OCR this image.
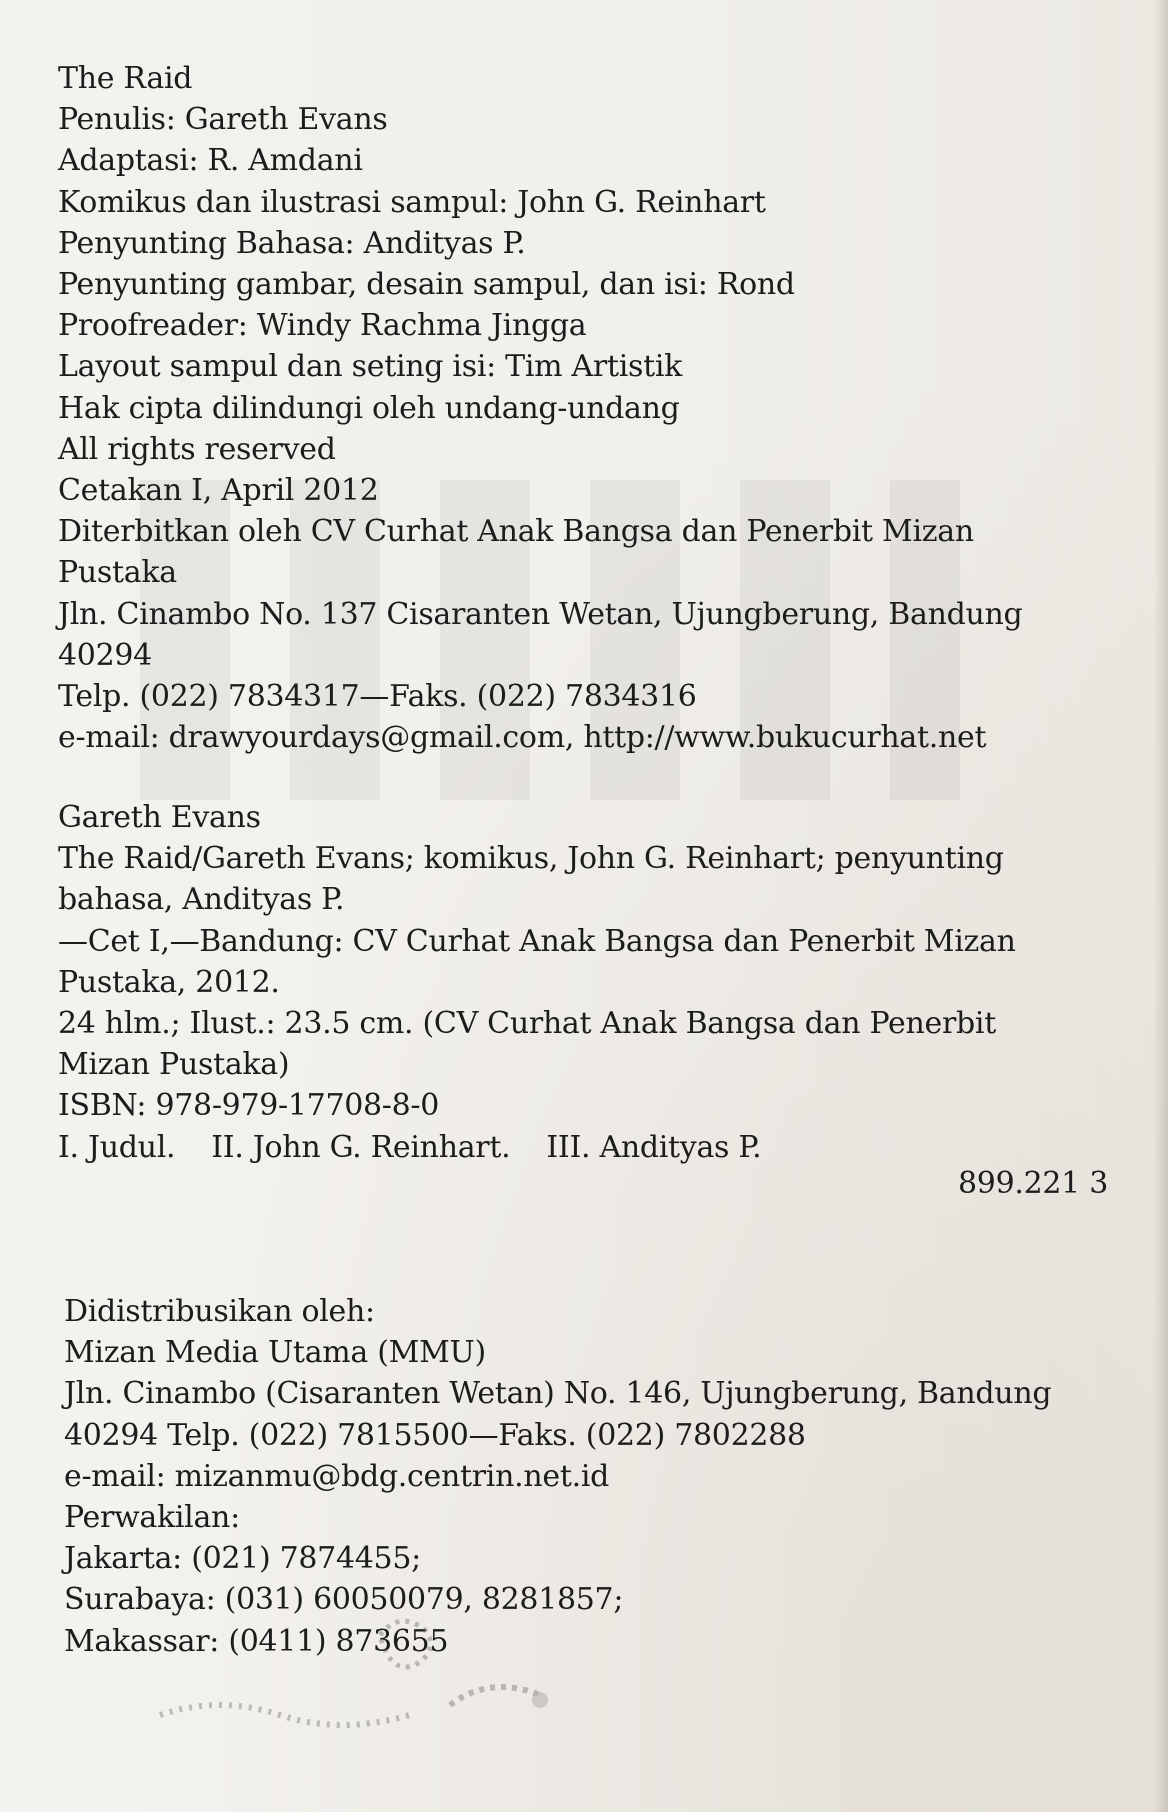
The Raid
Penulis: Gareth Evans
Adaptasi: R. Amdani
Komikus dan ilustrasi sampul: John G. Reinhart
Penyunting Bahasa: Andityas P.
Penyunting gambar, desain sampul, dan isi: Rond
Proofreader: Windy Rachma Jingga
Layout sampul dan seting isi: Tim Artistik
Hak cipta dilindungi oleh undang-undang
All rights reserved
Cetakan I, April 2012
Diterbitkan oleh CV Curhat Anak Bangsa dan Penerbit Mizan
Pustaka
Jln. Cinambo No. 137 Cisaranten Wetan, Ujungberung, Bandung
40294
Telp. (022) 7834317—Faks. (022) 7834316
e-mail: drawyourdays@gmail.com, http://www.bukucurhat.net
Gareth Evans
The Raid/Gareth Evans; komikus, John G. Reinhart; penyunting
bahasa, Andityas P.
—Cet I,—Bandung: CV Curhat Anak Bangsa dan Penerbit Mizan
Pustaka, 2012.
24 hlm.; Ilust.: 23.5 cm. (CV Curhat Anak Bangsa dan Penerbit
Mizan Pustaka)
ISBN: 978-979-17708-8-0
I. Judul. II. John G. Reinhart. III. Andityas P.
899.221 3
Didistribusikan oleh:
Mizan Media Utama (MMU)
Jln. Cinambo (Cisaranten Wetan) No. 146, Ujungberung, Bandung
40294 Telp. (022) 7815500—Faks. (022) 7802288
e-mail: mizanmu@bdg.centrin.net.id
Perwakilan:
Jakarta: (021) 7874455;
Surabaya: (031) 60050079, 8281857;
Makassar: (0411) 873655
